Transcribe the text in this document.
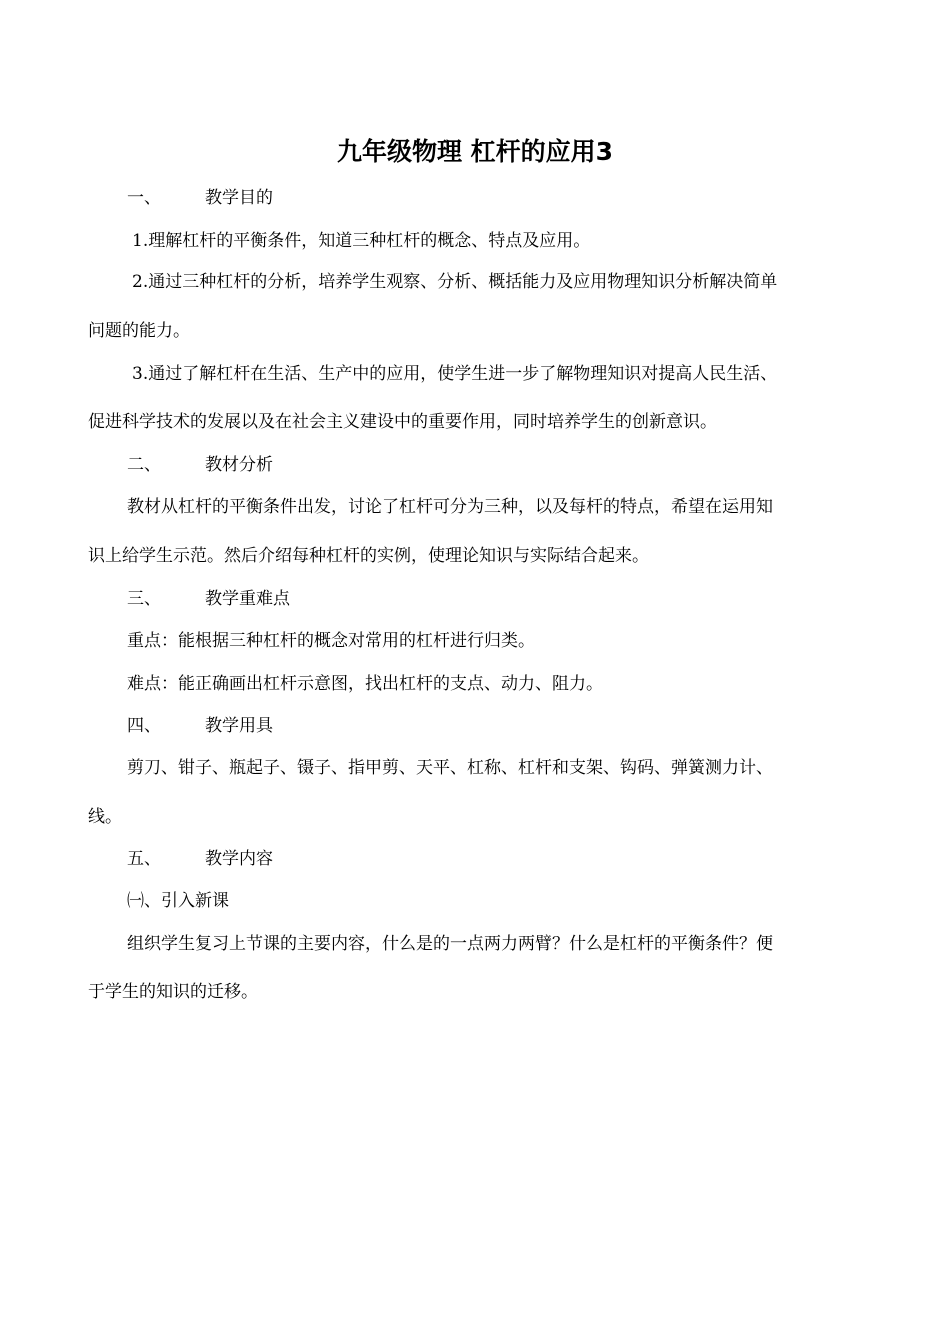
九年级物理 杠杆的应用3
一、	教学目的
1.理解杠杆的平衡条件，知道三种杠杆的概念、特点及应用。
2.通过三种杠杆的分析，培养学生观察、分析、概括能力及应用物理知识分析解决简单
问题的能力。
3.通过了解杠杆在生活、生产中的应用，使学生进一步了解物理知识对提高人民生活、
促进科学技术的发展以及在社会主义建设中的重要作用，同时培养学生的创新意识。
二、	教材分析
教材从杠杆的平衡条件出发，讨论了杠杆可分为三种，以及每杆的特点，希望在运用知
识上给学生示范。然后介绍每种杠杆的实例，使理论知识与实际结合起来。
三、	教学重难点
重点：能根据三种杠杆的概念对常用的杠杆进行归类。
难点：能正确画出杠杆示意图，找出杠杆的支点、动力、阻力。
四、	教学用具
剪刀、钳子、瓶起子、镊子、指甲剪、天平、杠称、杠杆和支架、钩码、弹簧测力计、
线。
五、	教学内容
㈠、引入新课
组织学生复习上节课的主要内容，什么是的一点两力两臂？什么是杠杆的平衡条件？便
于学生的知识的迁移。
